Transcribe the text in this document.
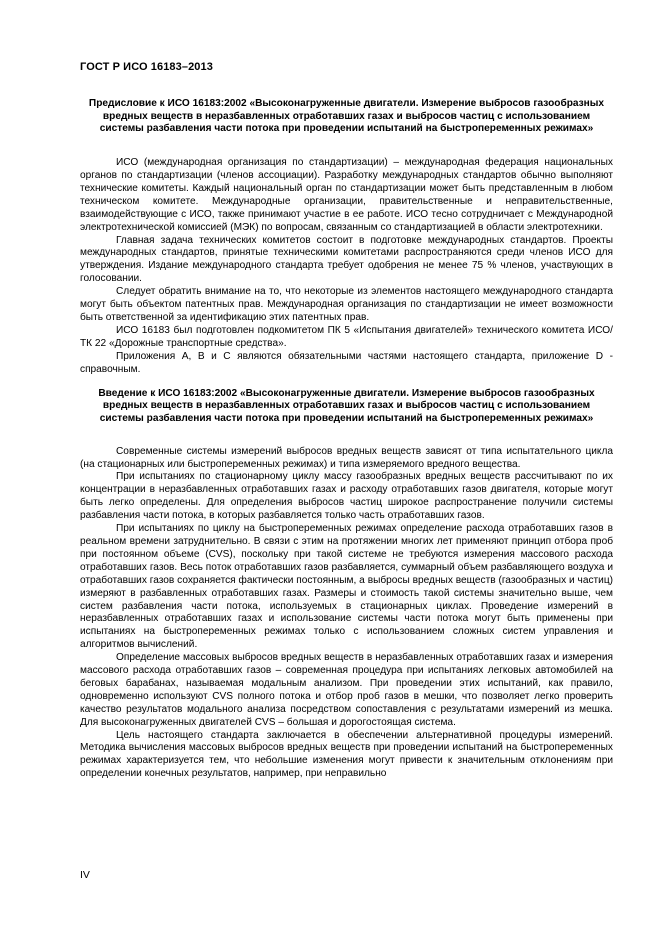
ГОСТ Р ИСО 16183–2013
Предисловие к ИСО 16183:2002 «Высоконагруженные двигатели. Измерение выбросов газообразных вредных веществ в неразбавленных отработавших газах и выбросов частиц с использованием системы разбавления части потока при проведении испытаний на быстропеременных режимах»

ИСО (международная организация по стандартизации) – международная федерация национальных органов по стандартизации (членов ассоциации). Разработку международных стандартов обычно выполняют технические комитеты. Каждый национальный орган по стандартизации может быть представленным в любом техническом комитете. Международные организации, правительственные и неправительственные, взаимодействующие с ИСО, также принимают участие в ее работе. ИСО тесно сотрудничает с Международной электротехнической комиссией (МЭК) по вопросам, связанным со стандартизацией в области электротехники.

Главная задача технических комитетов состоит в подготовке международных стандартов. Проекты международных стандартов, принятые техническими комитетами распространяются среди членов ИСО для утверждения. Издание международного стандарта требует одобрения не менее 75 % членов, участвующих в голосовании.

Следует обратить внимание на то, что некоторые из элементов настоящего международного стандарта могут быть объектом патентных прав. Международная организация по стандартизации не имеет возможности быть ответственной за идентификацию этих патентных прав.

ИСО 16183 был подготовлен подкомитетом ПК 5 «Испытания двигателей» технического комитета ИСО/ТК 22 «Дорожные транспортные средства».

Приложения A, B и C являются обязательными частями настоящего стандарта, приложение D - справочным.

Введение к ИСО 16183:2002 «Высоконагруженные двигатели. Измерение выбросов газообразных вредных веществ в неразбавленных отработавших газах и выбросов частиц с использованием системы разбавления части потока при проведении испытаний на быстропеременных режимах»

Современные системы измерений выбросов вредных веществ зависят от типа испытательного цикла (на стационарных или быстропеременных режимах) и типа измеряемого вредного вещества.

При испытаниях по стационарному циклу массу газообразных вредных веществ рассчитывают по их концентрации в неразбавленных отработавших газах и расходу отработавших газов двигателя, которые могут быть легко определены. Для определения выбросов частиц широкое распространение получили системы разбавления части потока, в которых разбавляется только часть отработавших газов.

При испытаниях по циклу на быстропеременных режимах определение расхода отработавших газов в реальном времени затруднительно. В связи с этим на протяжении многих лет применяют принцип отбора проб при постоянном объеме (CVS), поскольку при такой системе не требуются измерения массового расхода отработавших газов. Весь поток отработавших газов разбавляется, суммарный объем разбавляющего воздуха и отработавших газов сохраняется фактически постоянным, а выбросы вредных веществ (газообразных и частиц) измеряют в разбавленных отработавших газах. Размеры и стоимость такой системы значительно выше, чем систем разбавления части потока, используемых в стационарных циклах. Проведение измерений в неразбавленных отработавших газах и использование системы части потока могут быть применены при испытаниях на быстропеременных режимах только с использованием сложных систем управления и алгоритмов вычислений.

Определение массовых выбросов вредных веществ в неразбавленных отработавших газах и измерения массового расхода отработавших газов – современная процедура при испытаниях легковых автомобилей на беговых барабанах, называемая модальным анализом. При проведении этих испытаний, как правило, одновременно используют CVS полного потока и отбор проб газов в мешки, что позволяет легко проверить качество результатов модального анализа посредством сопоставления с результатами измерений из мешка. Для высоконагруженных двигателей CVS – большая и дорогостоящая система.

Цель настоящего стандарта заключается в обеспечении альтернативной процедуры измерений. Методика вычисления массовых выбросов вредных веществ при проведении испытаний на быстропеременных режимах характеризуется тем, что небольшие изменения могут привести к значительным отклонениям при определении конечных результатов, например, при неправильно

IV
